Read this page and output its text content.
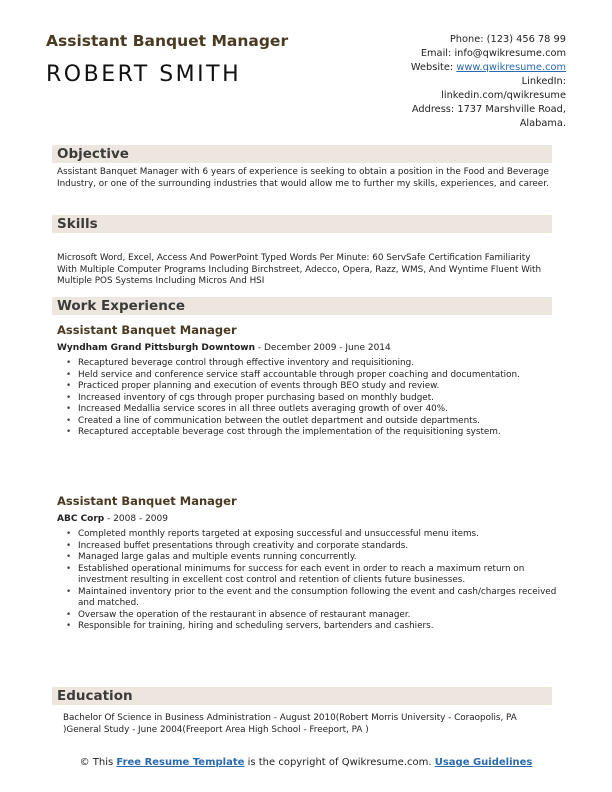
Assistant Banquet Manager
ROBERT SMITH
Phone: (123) 456 78 99
Email: info@qwikresume.com
Website: www.qwikresume.com
LinkedIn:
linkedin.com/qwikresume
Address: 1737 Marshville Road,
Alabama.
Objective
Assistant Banquet Manager with 6 years of experience is seeking to obtain a position in the Food and Beverage Industry, or one of the surrounding industries that would allow me to further my skills, experiences, and career.
Skills
Microsoft Word, Excel, Access And PowerPoint Typed Words Per Minute: 60 ServSafe Certification Familiarity With Multiple Computer Programs Including Birchstreet, Adecco, Opera, Razz, WMS, And Wyntime Fluent With Multiple POS Systems Including Micros And HSI
Work Experience
Assistant Banquet Manager
Wyndham Grand Pittsburgh Downtown - December 2009 - June 2014
• Recaptured beverage control through effective inventory and requisitioning.
• Held service and conference service staff accountable through proper coaching and documentation.
• Practiced proper planning and execution of events through BEO study and review.
• Increased inventory of cgs through proper purchasing based on monthly budget.
• Increased Medallia service scores in all three outlets averaging growth of over 40%.
• Created a line of communication between the outlet department and outside departments.
• Recaptured acceptable beverage cost through the implementation of the requisitioning system.
Assistant Banquet Manager
ABC Corp - 2008 - 2009
• Completed monthly reports targeted at exposing successful and unsuccessful menu items.
• Increased buffet presentations through creativity and corporate standards.
• Managed large galas and multiple events running concurrently.
• Established operational minimums for success for each event in order to reach a maximum return on investment resulting in excellent cost control and retention of clients future businesses.
• Maintained inventory prior to the event and the consumption following the event and cash/charges received and matched.
• Oversaw the operation of the restaurant in absence of restaurant manager.
• Responsible for training, hiring and scheduling servers, bartenders and cashiers.
Education
Bachelor Of Science in Business Administration - August 2010(Robert Morris University - Coraopolis, PA )General Study - June 2004(Freeport Area High School - Freeport, PA )
© This Free Resume Template is the copyright of Qwikresume.com. Usage Guidelines
